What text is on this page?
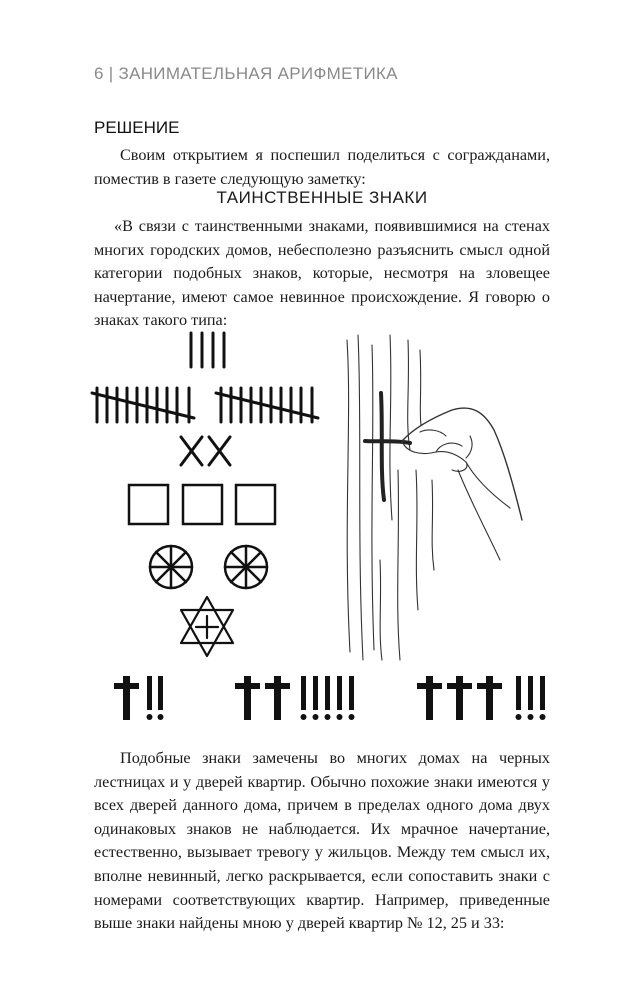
6 | ЗАНИМАТЕЛЬНАЯ АРИФМЕТИКА
РЕШЕНИЕ

Своим открытием я поспешил поделиться с согражданами, поместив в газете следующую заметку:

ТАИНСТВЕННЫЕ ЗНАКИ

«В связи с таинственными знаками, появившимися на стенах многих городских домов, небесполезно разъяснить смысл одной категории подобных знаков, которые, несмотря на зловещее начертание, имеют самое невинное происхождение. Я говорю о знаках такого типа:

Подобные знаки замечены во многих домах на черных лестницах и у дверей квартир. Обычно похожие знаки имеются у всех дверей данного дома, причем в пределах одного дома двух одинаковых знаков не наблюдается. Их мрачное начертание, естественно, вызывает тревогу у жильцов. Между тем смысл их, вполне невинный, легко раскрывается, если сопоставить знаки с номерами соответствующих квартир. Например, приведенные выше знаки найдены мною у дверей квартир № 12, 25 и 33:
